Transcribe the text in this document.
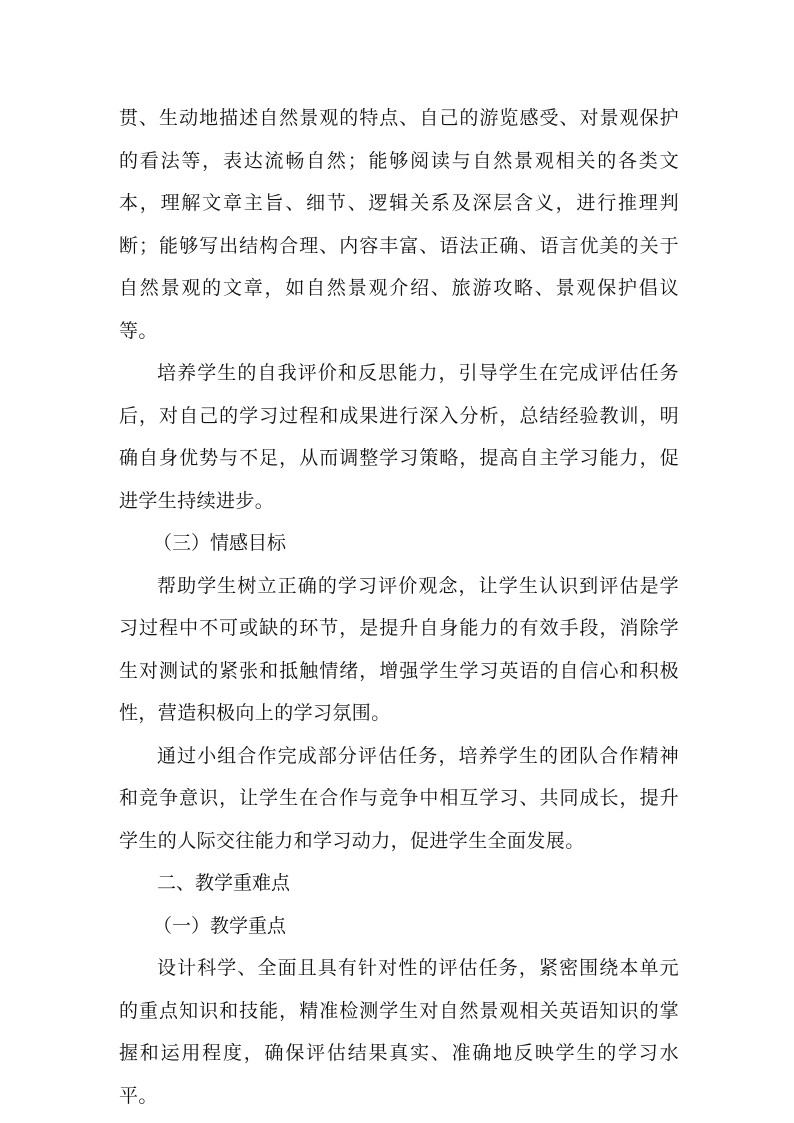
贯、生动地描述自然景观的特点、自己的游览感受、对景观保护的看法等，表达流畅自然；能够阅读与自然景观相关的各类文本，理解文章主旨、细节、逻辑关系及深层含义，进行推理判断；能够写出结构合理、内容丰富、语法正确、语言优美的关于自然景观的文章，如自然景观介绍、旅游攻略、景观保护倡议等。

培养学生的自我评价和反思能力，引导学生在完成评估任务后，对自己的学习过程和成果进行深入分析，总结经验教训，明确自身优势与不足，从而调整学习策略，提高自主学习能力，促进学生持续进步。

（三）情感目标

帮助学生树立正确的学习评价观念，让学生认识到评估是学习过程中不可或缺的环节，是提升自身能力的有效手段，消除学生对测试的紧张和抵触情绪，增强学生学习英语的自信心和积极性，营造积极向上的学习氛围。

通过小组合作完成部分评估任务，培养学生的团队合作精神和竞争意识，让学生在合作与竞争中相互学习、共同成长，提升学生的人际交往能力和学习动力，促进学生全面发展。

二、教学重难点

（一）教学重点

设计科学、全面且具有针对性的评估任务，紧密围绕本单元的重点知识和技能，精准检测学生对自然景观相关英语知识的掌握和运用程度，确保评估结果真实、准确地反映学生的学习水平。
